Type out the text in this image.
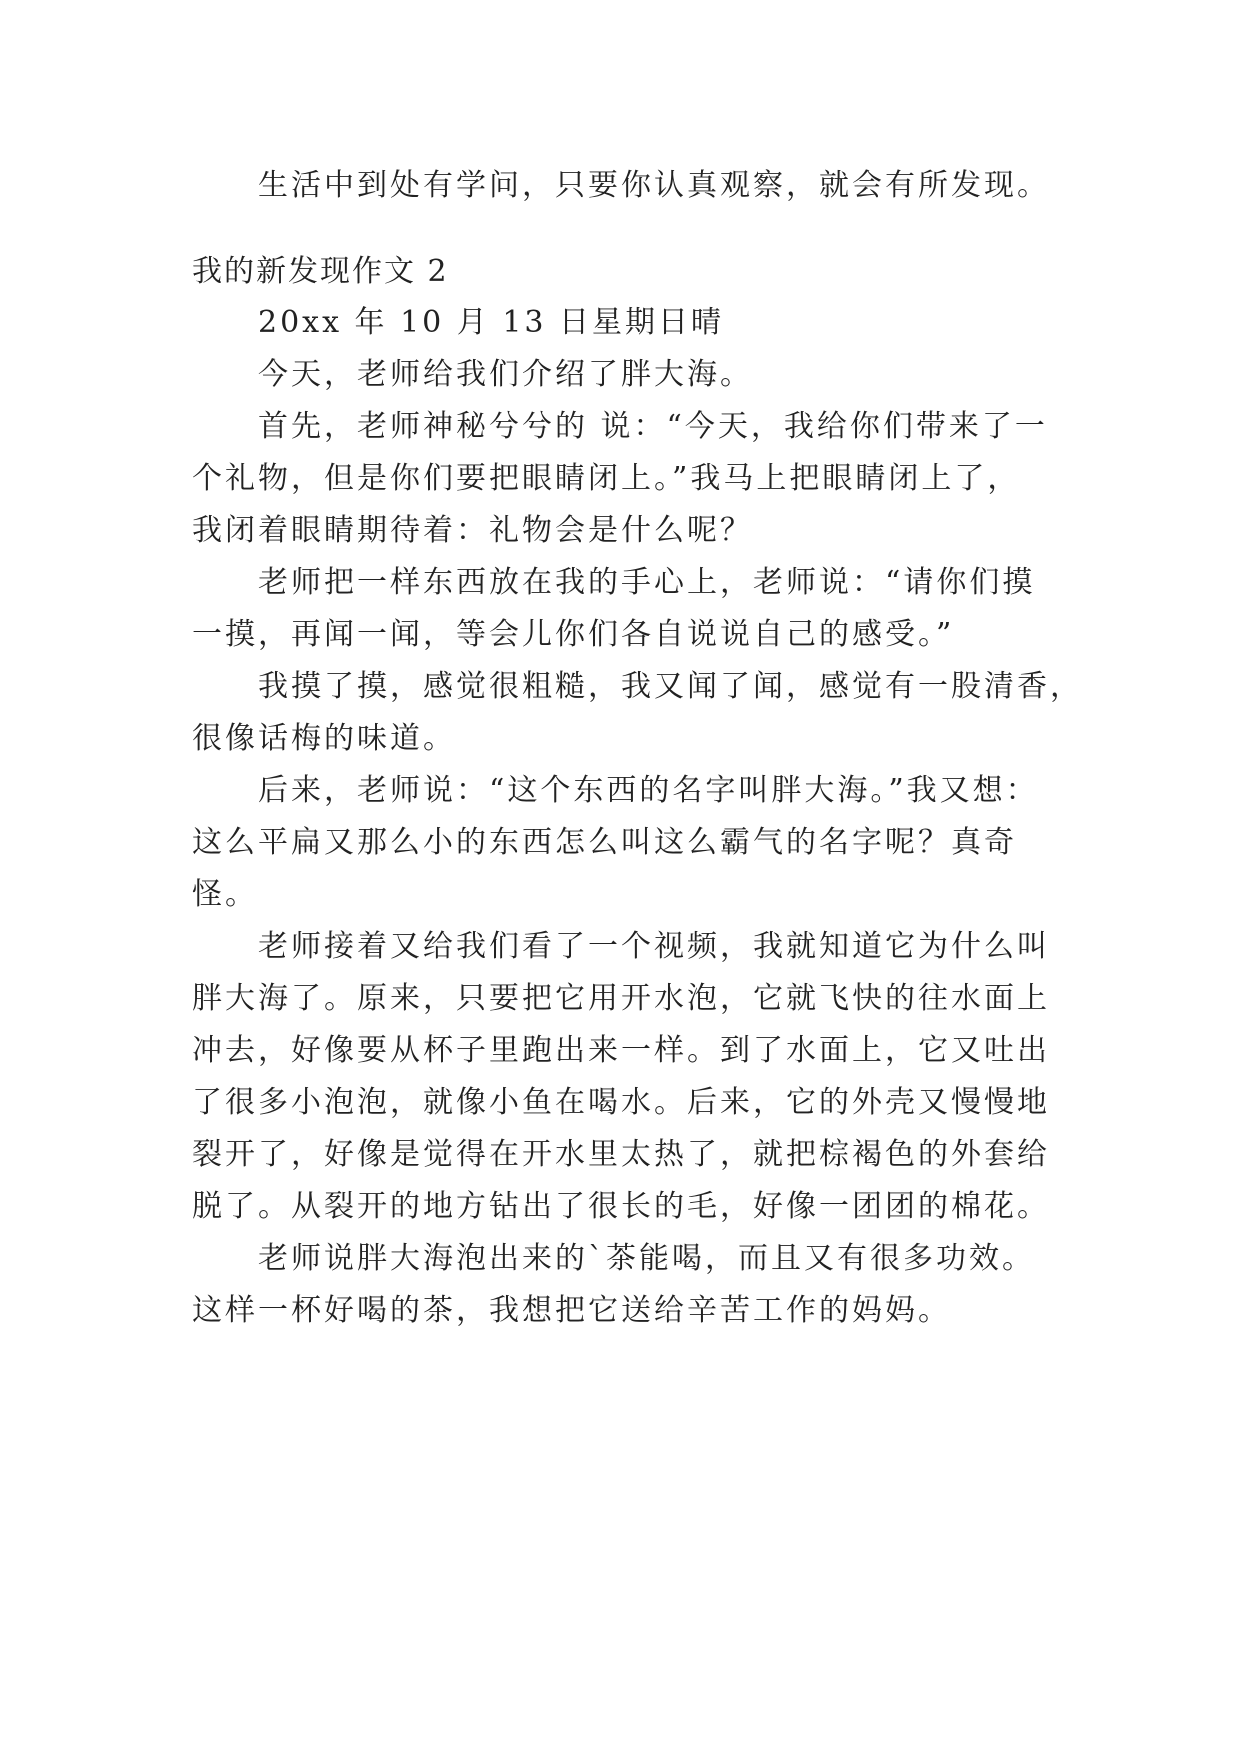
生活中到处有学问，只要你认真观察，就会有所发现。
我的新发现作文 2
20xx 年 10 月 13 日星期日晴
今天，老师给我们介绍了胖大海。
首先，老师神秘兮兮的 说：“今天，我给你们带来了一
个礼物，但是你们要把眼睛闭上。”我马上把眼睛闭上了，
我闭着眼睛期待着：礼物会是什么呢？
老师把一样东西放在我的手心上，老师说：“请你们摸
一摸，再闻一闻，等会儿你们各自说说自己的感受。”
我摸了摸，感觉很粗糙，我又闻了闻，感觉有一股清香，
很像话梅的味道。
后来，老师说：“这个东西的名字叫胖大海。”我又想：
这么平扁又那么小的东西怎么叫这么霸气的名字呢？真奇
怪。
老师接着又给我们看了一个视频，我就知道它为什么叫
胖大海了。原来，只要把它用开水泡，它就飞快的往水面上
冲去，好像要从杯子里跑出来一样。到了水面上，它又吐出
了很多小泡泡，就像小鱼在喝水。后来，它的外壳又慢慢地
裂开了，好像是觉得在开水里太热了，就把棕褐色的外套给
脱了。从裂开的地方钻出了很长的毛，好像一团团的棉花。
老师说胖大海泡出来的`茶能喝，而且又有很多功效。
这样一杯好喝的茶，我想把它送给辛苦工作的妈妈。
